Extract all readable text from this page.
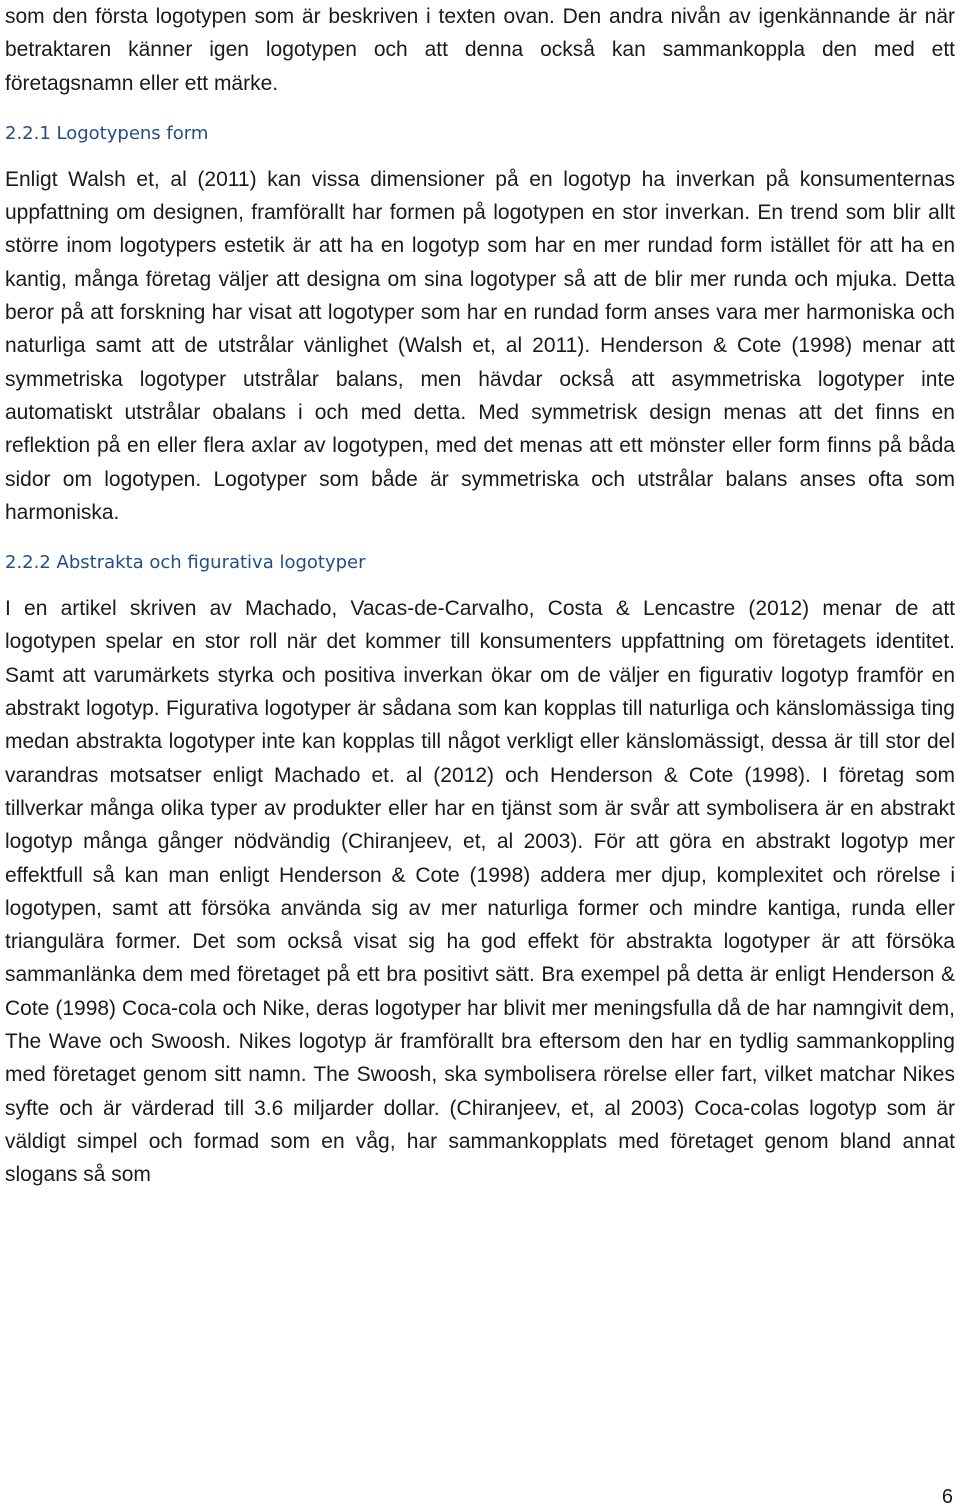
som den första logotypen som är beskriven i texten ovan. Den andra nivån av igenkännande är när betraktaren känner igen logotypen och att denna också kan sammankoppla den med ett företagsnamn eller ett märke.

2.2.1 Logotypens form

Enligt Walsh et, al (2011) kan vissa dimensioner på en logotyp ha inverkan på konsumenternas uppfattning om designen, framförallt har formen på logotypen en stor inverkan. En trend som blir allt större inom logotypers estetik är att ha en logotyp som har en mer rundad form istället för att ha en kantig, många företag väljer att designa om sina logotyper så att de blir mer runda och mjuka. Detta beror på att forskning har visat att logotyper som har en rundad form anses vara mer harmoniska och naturliga samt att de utstrålar vänlighet (Walsh et, al 2011). Henderson & Cote (1998) menar att symmetriska logotyper utstrålar balans, men hävdar också att asymmetriska logotyper inte automatiskt utstrålar obalans i och med detta. Med symmetrisk design menas att det finns en reflektion på en eller flera axlar av logotypen, med det menas att ett mönster eller form finns på båda sidor om logotypen. Logotyper som både är symmetriska och utstrålar balans anses ofta som harmoniska.

2.2.2 Abstrakta och figurativa logotyper

I en artikel skriven av Machado, Vacas-de-Carvalho, Costa & Lencastre (2012) menar de att logotypen spelar en stor roll när det kommer till konsumenters uppfattning om företagets identitet. Samt att varumärkets styrka och positiva inverkan ökar om de väljer en figurativ logotyp framför en abstrakt logotyp. Figurativa logotyper är sådana som kan kopplas till naturliga och känslomässiga ting medan abstrakta logotyper inte kan kopplas till något verkligt eller känslomässigt, dessa är till stor del varandras motsatser enligt Machado et. al (2012) och Henderson & Cote (1998). I företag som tillverkar många olika typer av produkter eller har en tjänst som är svår att symbolisera är en abstrakt logotyp många gånger nödvändig (Chiranjeev, et, al 2003). För att göra en abstrakt logotyp mer effektfull så kan man enligt Henderson & Cote (1998) addera mer djup, komplexitet och rörelse i logotypen, samt att försöka använda sig av mer naturliga former och mindre kantiga, runda eller triangulära former. Det som också visat sig ha god effekt för abstrakta logotyper är att försöka sammanlänka dem med företaget på ett bra positivt sätt. Bra exempel på detta är enligt Henderson & Cote (1998) Coca-cola och Nike, deras logotyper har blivit mer meningsfulla då de har namngivit dem, The Wave och Swoosh. Nikes logotyp är framförallt bra eftersom den har en tydlig sammankoppling med företaget genom sitt namn. The Swoosh, ska symbolisera rörelse eller fart, vilket matchar Nikes syfte och är värderad till 3.6 miljarder dollar. (Chiranjeev, et, al 2003) Coca-colas logotyp som är väldigt simpel och formad som en våg, har sammankopplats med företaget genom bland annat slogans så som

6
